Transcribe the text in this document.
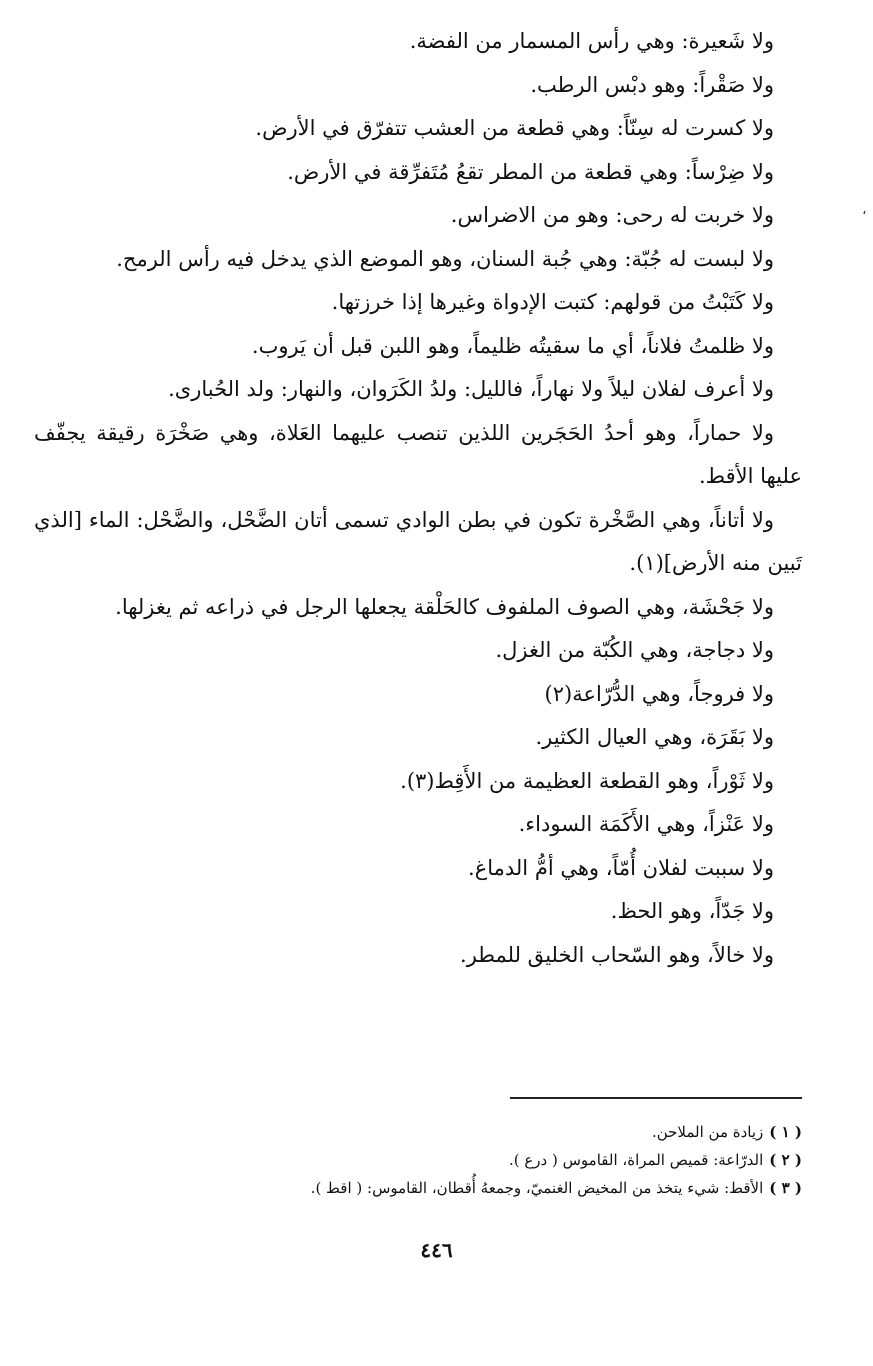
،

ولا شَعيرة: وهي رأس المسمار من الفضة.

ولا صَقْراً: وهو دبْس الرطب.

ولا كسرت له سِنّاً: وهي قطعة من العشب تتفرّق في الأرض.

ولا ضِرْساً: وهي قطعة من المطر تقعُ مُتَفرِّقة في الأرض.

ولا خربت له رحى: وهو من الاضراس.

ولا لبست له جُبّة: وهي جُبة السنان، وهو الموضع الذي يدخل فيه رأس الرمح.

ولا كَتَبْتُ من قولهم: كتبت الإدواة وغيرها إذا خرزتها.

ولا ظلمتُ فلاناً، أي ما سقيتُه ظليماً، وهو اللبن قبل أن يَروب.

ولا أعرف لفلان ليلاً ولا نهاراً، فالليل: ولدُ الكَرَوان، والنهار: ولد الحُبارى.

ولا حماراً، وهو أحدُ الحَجَرين اللذين تنصب عليهما العَلاة، وهي صَخْرَة رقيقة يجفّف عليها الأقط.

ولا أتاناً، وهي الصَّخْرة تكون في بطن الوادي تسمى أتان الضَّحْل، والضَّحْل: الماء [الذي تَبين منه الأرض](١).

ولا جَحْشَة، وهي الصوف الملفوف كالحَلْقة يجعلها الرجل في ذراعه ثم يغزلها.

ولا دجاجة، وهي الكُبّة من الغزل.

ولا فروجاً، وهي الدُّرّاعة(٢)

ولا بَقَرَة، وهي العيال الكثير.

ولا ثَوْراً، وهو القطعة العظيمة من الأَقِط(٣).

ولا عَنْزاً، وهي الأَكَمَة السوداء.

ولا سببت لفلان أُمّاً، وهي أمُّ الدماغ.

ولا جَدّاً، وهو الحظ.

ولا خالاً، وهو السّحاب الخليق للمطر.

( ١ )زيادة من الملاحن.

( ٢ )الدرّاعة: قميص المراة، القاموس ( درع ).

( ٣ )الأقط: شيء يتخذ من المخيض الغنميّ، وجمعهُ أُقطان، القاموس: ( اقط ).

٤٤٦
